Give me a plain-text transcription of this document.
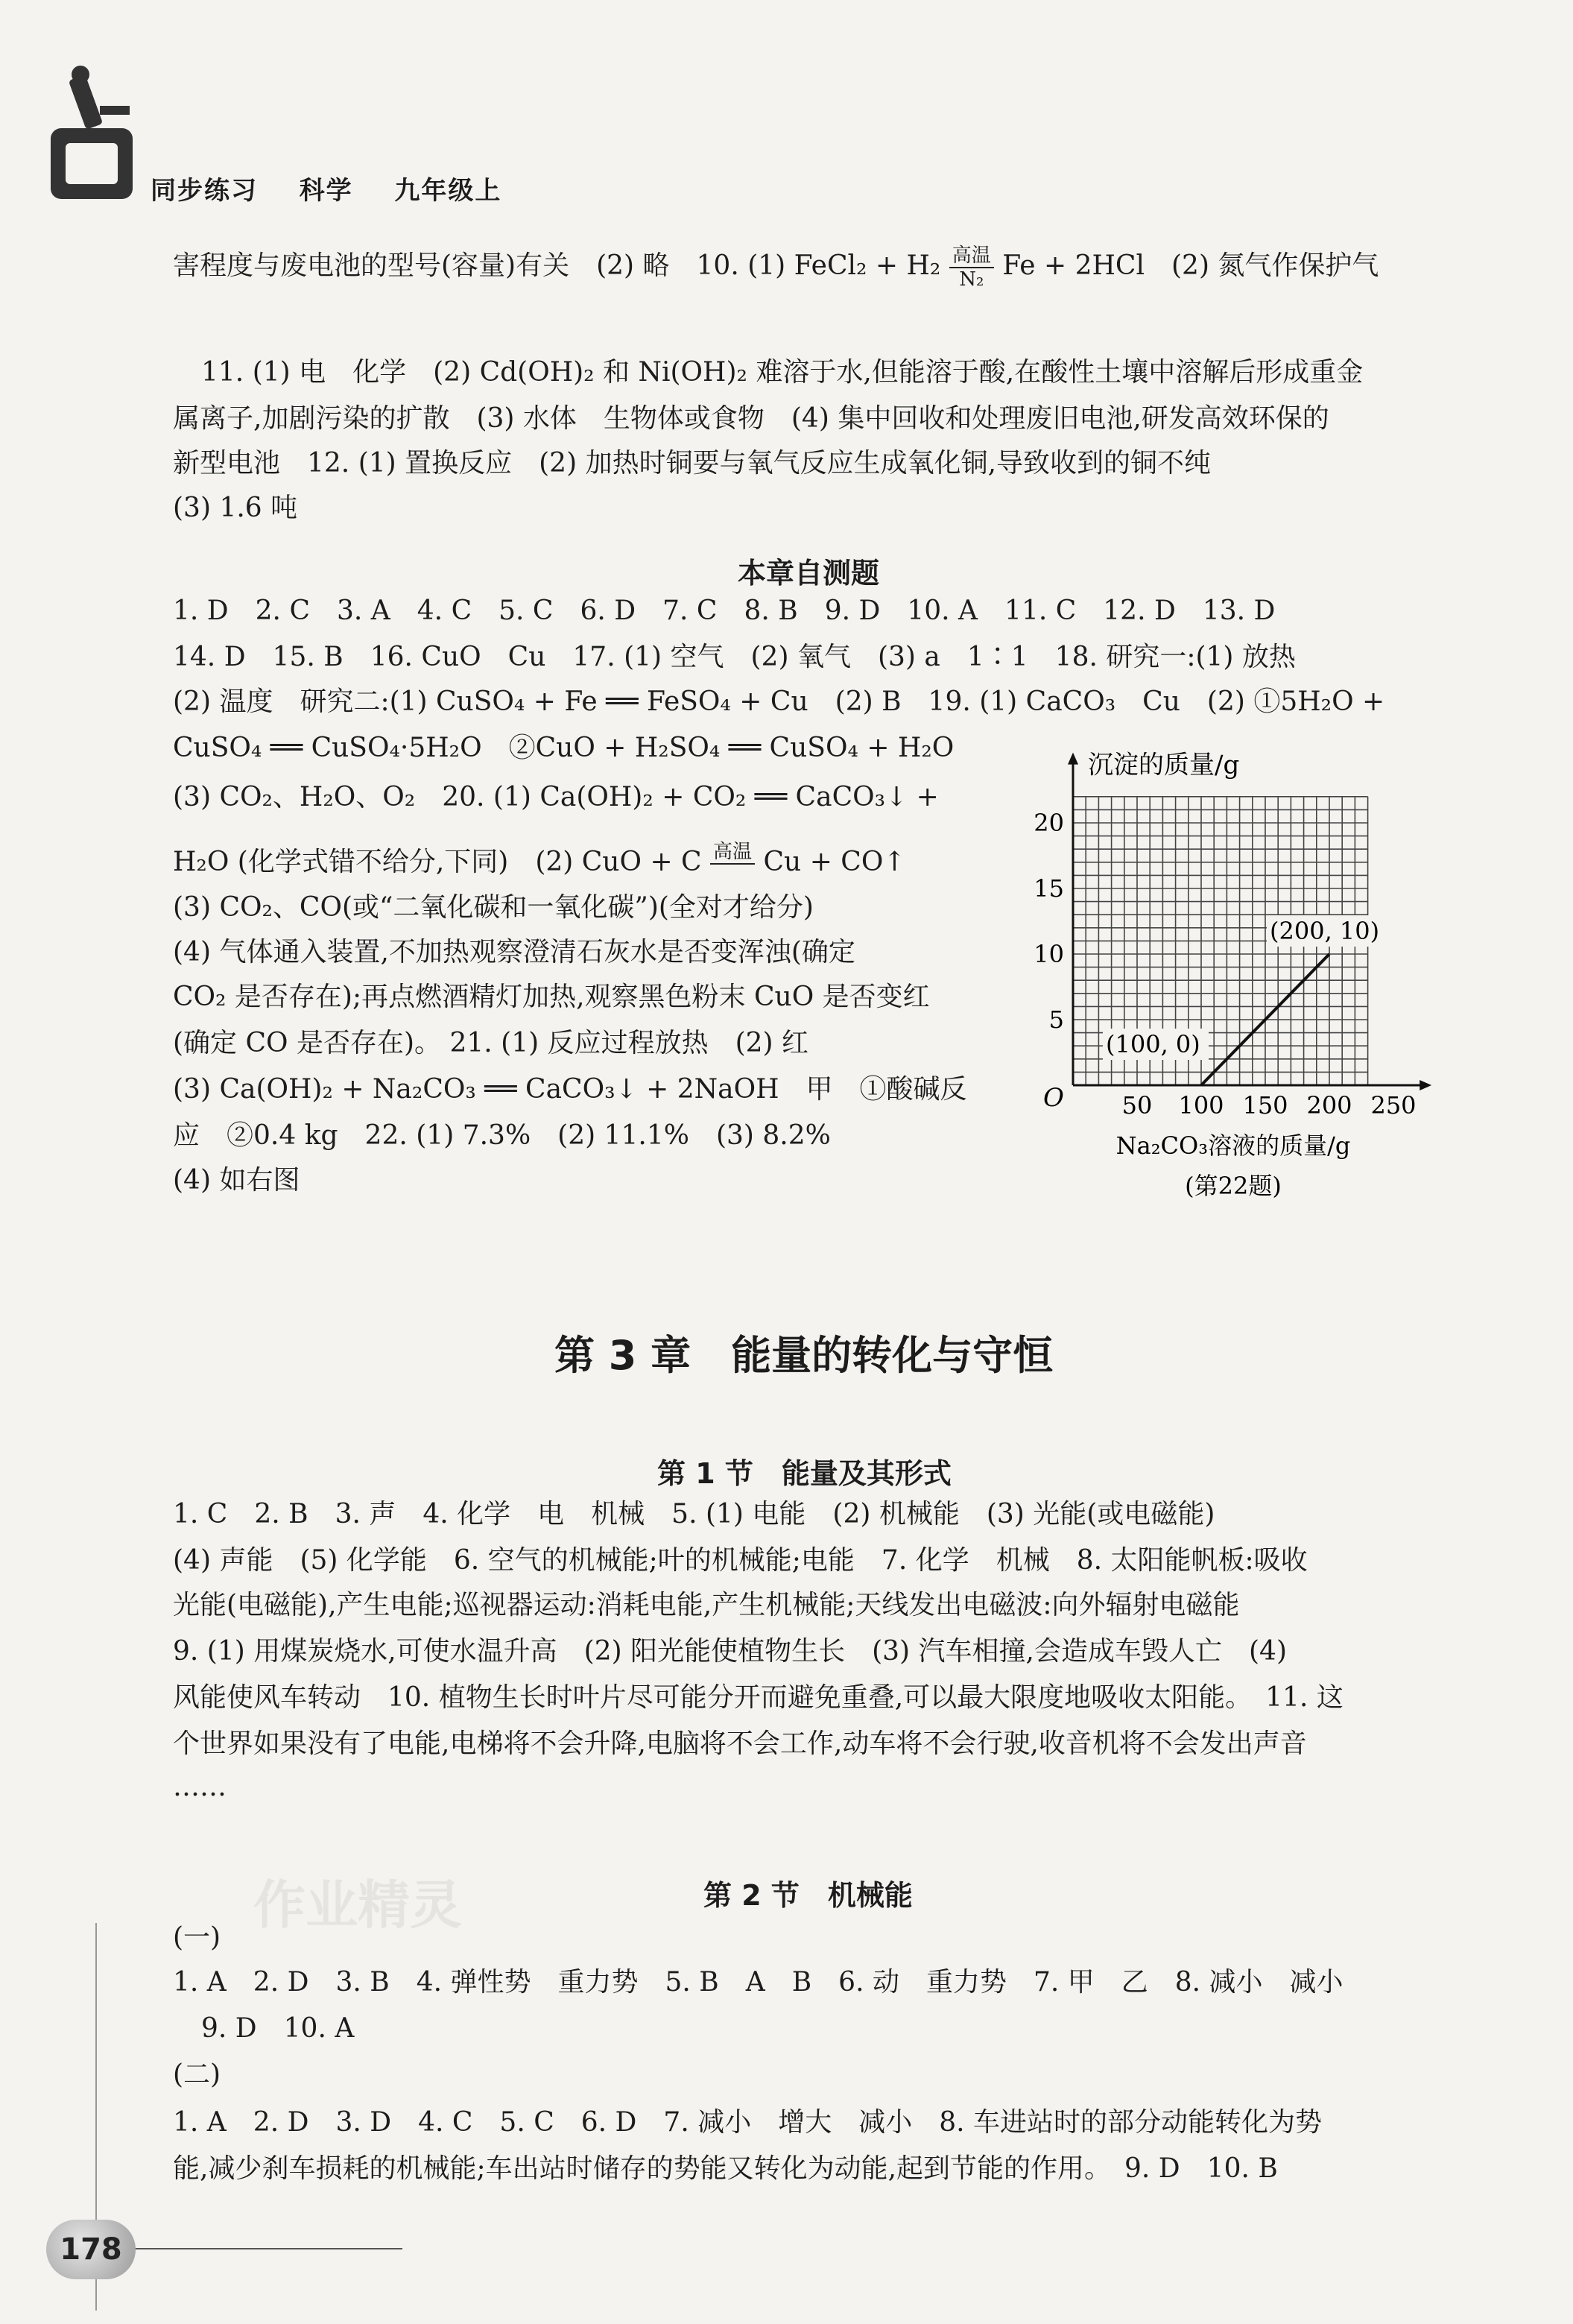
同步练习 科学 九年级上
害程度与废电池的型号(容量)有关　(2) 略　10. (1) FeCl₂ + $H_2 \frac{\text{高温}}{\text{N₂}}$ Fe + 2HCl　(2) 氮气作保护气
11. (1) 电　化学　(2) Cd(OH)₂ 和 Ni(OH)₂ 难溶于水,但能溶于酸,在酸性土壤中溶解后形成重金
属离子,加剧污染的扩散　(3) 水体　生物体或食物　(4) 集中回收和处理废旧电池,研发高效环保的
新型电池　12. (1) 置换反应　(2) 加热时铜要与氧气反应生成氧化铜,导致收到的铜不纯
(3) 1.6 吨
本章自测题
1. D　2. C　3. A　4. C　5. C　6. D　7. C　8. B　9. D　10. A　11. C　12. D　13. D
14. D　15. B　16. CuO　Cu　17. (1) 空气　(2) 氧气　(3) a　1∶1　18. 研究一:(1) 放热
(2) 温度　研究二:(1) CuSO₄ + Fe ══ FeSO₄ + Cu　(2) B　19. (1) CaCO₃　Cu　(2) ①5H₂O +
CuSO₄ ══ CuSO₄·5H₂O　②CuO + H₂SO₄ ══ CuSO₄ + H₂O
(3) CO₂、H₂O、O₂　20. (1) Ca(OH)₂ + CO₂ ══ CaCO₃↓ +
H₂O (化学式错不给分,下同)　(2) CuO + C 高温
Cu + CO↑
(3) CO₂、CO(或“二氧化碳和一氧化碳”)(全对才给分)
(4) 气体通入装置,不加热观察澄清石灰水是否变浑浊(确定
CO₂ 是否存在);再点燃酒精灯加热,观察黑色粉末 CuO 是否变红
(确定 CO 是否存在)。 21. (1) 反应过程放热　(2) 红
(3) Ca(OH)₂ + Na₂CO₃ ══ CaCO₃↓ + 2NaOH　甲　①酸碱反
应　②0.4 kg　22. (1) 7.3%　(2) 11.1%　(3) 8.2%
(4) 如右图
沉淀的质量/g
O 50 100 150 200 250
5
10
15
20
Na₂CO₃溶液的质量/g
(第22题)
(100, 0)
(200, 10)
第 3 章　能量的转化与守恒
第 1 节　能量及其形式
1. C　2. B　3. 声　4. 化学　电　机械　5. (1) 电能　(2) 机械能　(3) 光能(或电磁能)
(4) 声能　(5) 化学能　6. 空气的机械能;叶的机械能;电能　7. 化学　机械　8. 太阳能帆板:吸收
光能(电磁能),产生电能;巡视器运动:消耗电能,产生机械能;天线发出电磁波:向外辐射电磁能
9. (1) 用煤炭烧水,可使水温升高　(2) 阳光能使植物生长　(3) 汽车相撞,会造成车毁人亡　(4)
风能使风车转动　10. 植物生长时叶片尽可能分开而避免重叠,可以最大限度地吸收太阳能。　11. 这
个世界如果没有了电能,电梯将不会升降,电脑将不会工作,动车将不会行驶,收音机将不会发出声音
……
作业精灵	第 2 节　机械能
(一)
1. A　2. D　3. B　4. 弹性势　重力势　5. B　A　B　6. 动　重力势　7. 甲　乙　8. 减小　减小
9. D　10. A
(二)
1. A　2. D　3. D　4. C　5. C　6. D　7. 减小　增大　减小　8. 车进站时的部分动能转化为势
能,减少刹车损耗的机械能;车出站时储存的势能又转化为动能,起到节能的作用。　9. D　10. B
178
